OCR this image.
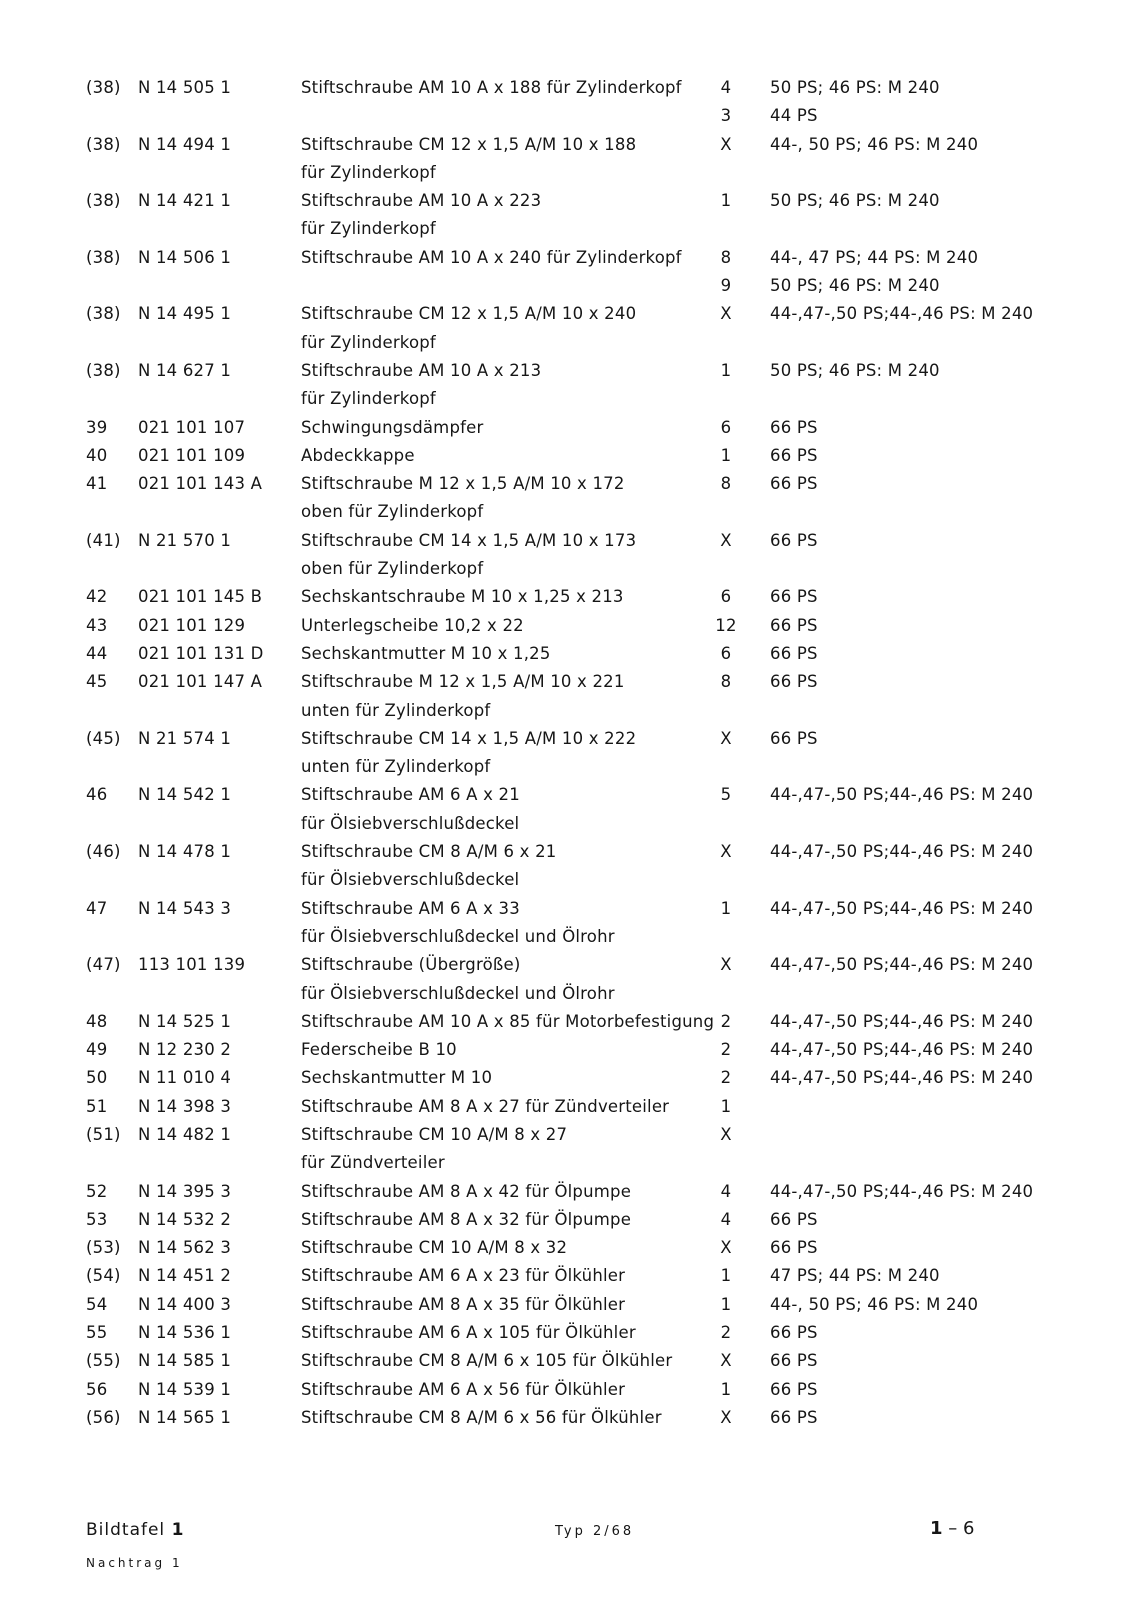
(38) N 14 505 1	Stiftschraube AM 10 A x 188 für Zylinderkopf	4	50 PS; 46 PS: M 240
3	44 PS
(38) N 14 494 1	Stiftschraube CM 12 x 1,5 A/M 10 x 188	X	44-, 50 PS; 46 PS: M 240
für Zylinderkopf
(38) N 14 421 1	Stiftschraube AM 10 A x 223	1	50 PS; 46 PS: M 240
für Zylinderkopf
(38) N 14 506 1	Stiftschraube AM 10 A x 240 für Zylinderkopf	8	44-, 47 PS; 44 PS: M 240
9	50 PS; 46 PS: M 240
(38) N 14 495 1	Stiftschraube CM 12 x 1,5 A/M 10 x 240	X	44-,47-,50 PS;44-,46 PS: M 240
für Zylinderkopf
(38) N 14 627 1	Stiftschraube AM 10 A x 213	1	50 PS; 46 PS: M 240
für Zylinderkopf
39 021 101 107	Schwingungsdämpfer	6	66 PS
40 021 101 109	Abdeckkappe	1	66 PS
41 021 101 143 A Stiftschraube M 12 x 1,5 A/M 10 x 172	8	66 PS
oben für Zylinderkopf
(41) N 21 570 1	Stiftschraube CM 14 x 1,5 A/M 10 x 173	X	66 PS
oben für Zylinderkopf
42 021 101 145 B Sechskantschraube M 10 x 1,25 x 213	6	66 PS
43 021 101 129	Unterlegscheibe 10,2 x 22	12 66 PS
44 021 101 131 D Sechskantmutter M 10 x 1,25	6	66 PS
45 021 101 147 A Stiftschraube M 12 x 1,5 A/M 10 x 221	8	66 PS
unten für Zylinderkopf
(45) N 21 574 1	Stiftschraube CM 14 x 1,5 A/M 10 x 222	X	66 PS
unten für Zylinderkopf
46 N 14 542 1	Stiftschraube AM 6 A x 21	5	44-,47-,50 PS;44-,46 PS: M 240
für Ölsiebverschlußdeckel
(46) N 14 478 1	Stiftschraube CM 8 A/M 6 x 21	X	44-,47-,50 PS;44-,46 PS: M 240
für Ölsiebverschlußdeckel
47 N 14 543 3	Stiftschraube AM 6 A x 33	1	44-,47-,50 PS;44-,46 PS: M 240
für Ölsiebverschlußdeckel und Ölrohr
(47) 113 101 139	Stiftschraube (Übergröße)	X	44-,47-,50 PS;44-,46 PS: M 240
für Ölsiebverschlußdeckel und Ölrohr
48 N 14 525 1	Stiftschraube AM 10 A x 85 für Motorbefestigung 2	44-,47-,50 PS;44-,46 PS: M 240
49 N 12 230 2	Federscheibe B 10	2	44-,47-,50 PS;44-,46 PS: M 240
50 N 11 010 4	Sechskantmutter M 10	2	44-,47-,50 PS;44-,46 PS: M 240
51 N 14 398 3	Stiftschraube AM 8 A x 27 für Zündverteiler	1
(51) N 14 482 1	Stiftschraube CM 10 A/M 8 x 27	X
für Zündverteiler
52 N 14 395 3	Stiftschraube AM 8 A x 42 für Ölpumpe	4	44-,47-,50 PS;44-,46 PS: M 240
53 N 14 532 2	Stiftschraube AM 8 A x 32 für Ölpumpe	4	66 PS
(53) N 14 562 3	Stiftschraube CM 10 A/M 8 x 32	X	66 PS
(54) N 14 451 2	Stiftschraube AM 6 A x 23 für Ölkühler	1	47 PS; 44 PS: M 240
54 N 14 400 3	Stiftschraube AM 8 A x 35 für Ölkühler	1	44-, 50 PS; 46 PS: M 240
55 N 14 536 1	Stiftschraube AM 6 A x 105 für Ölkühler	2	66 PS
(55) N 14 585 1	Stiftschraube CM 8 A/M 6 x 105 für Ölkühler	X	66 PS
56 N 14 539 1	Stiftschraube AM 6 A x 56 für Ölkühler	1	66 PS
(56) N 14 565 1	Stiftschraube CM 8 A/M 6 x 56 für Ölkühler	X	66 PS
Bildtafel 1
Nachtrag 1
Typ 2/68	1 – 6
